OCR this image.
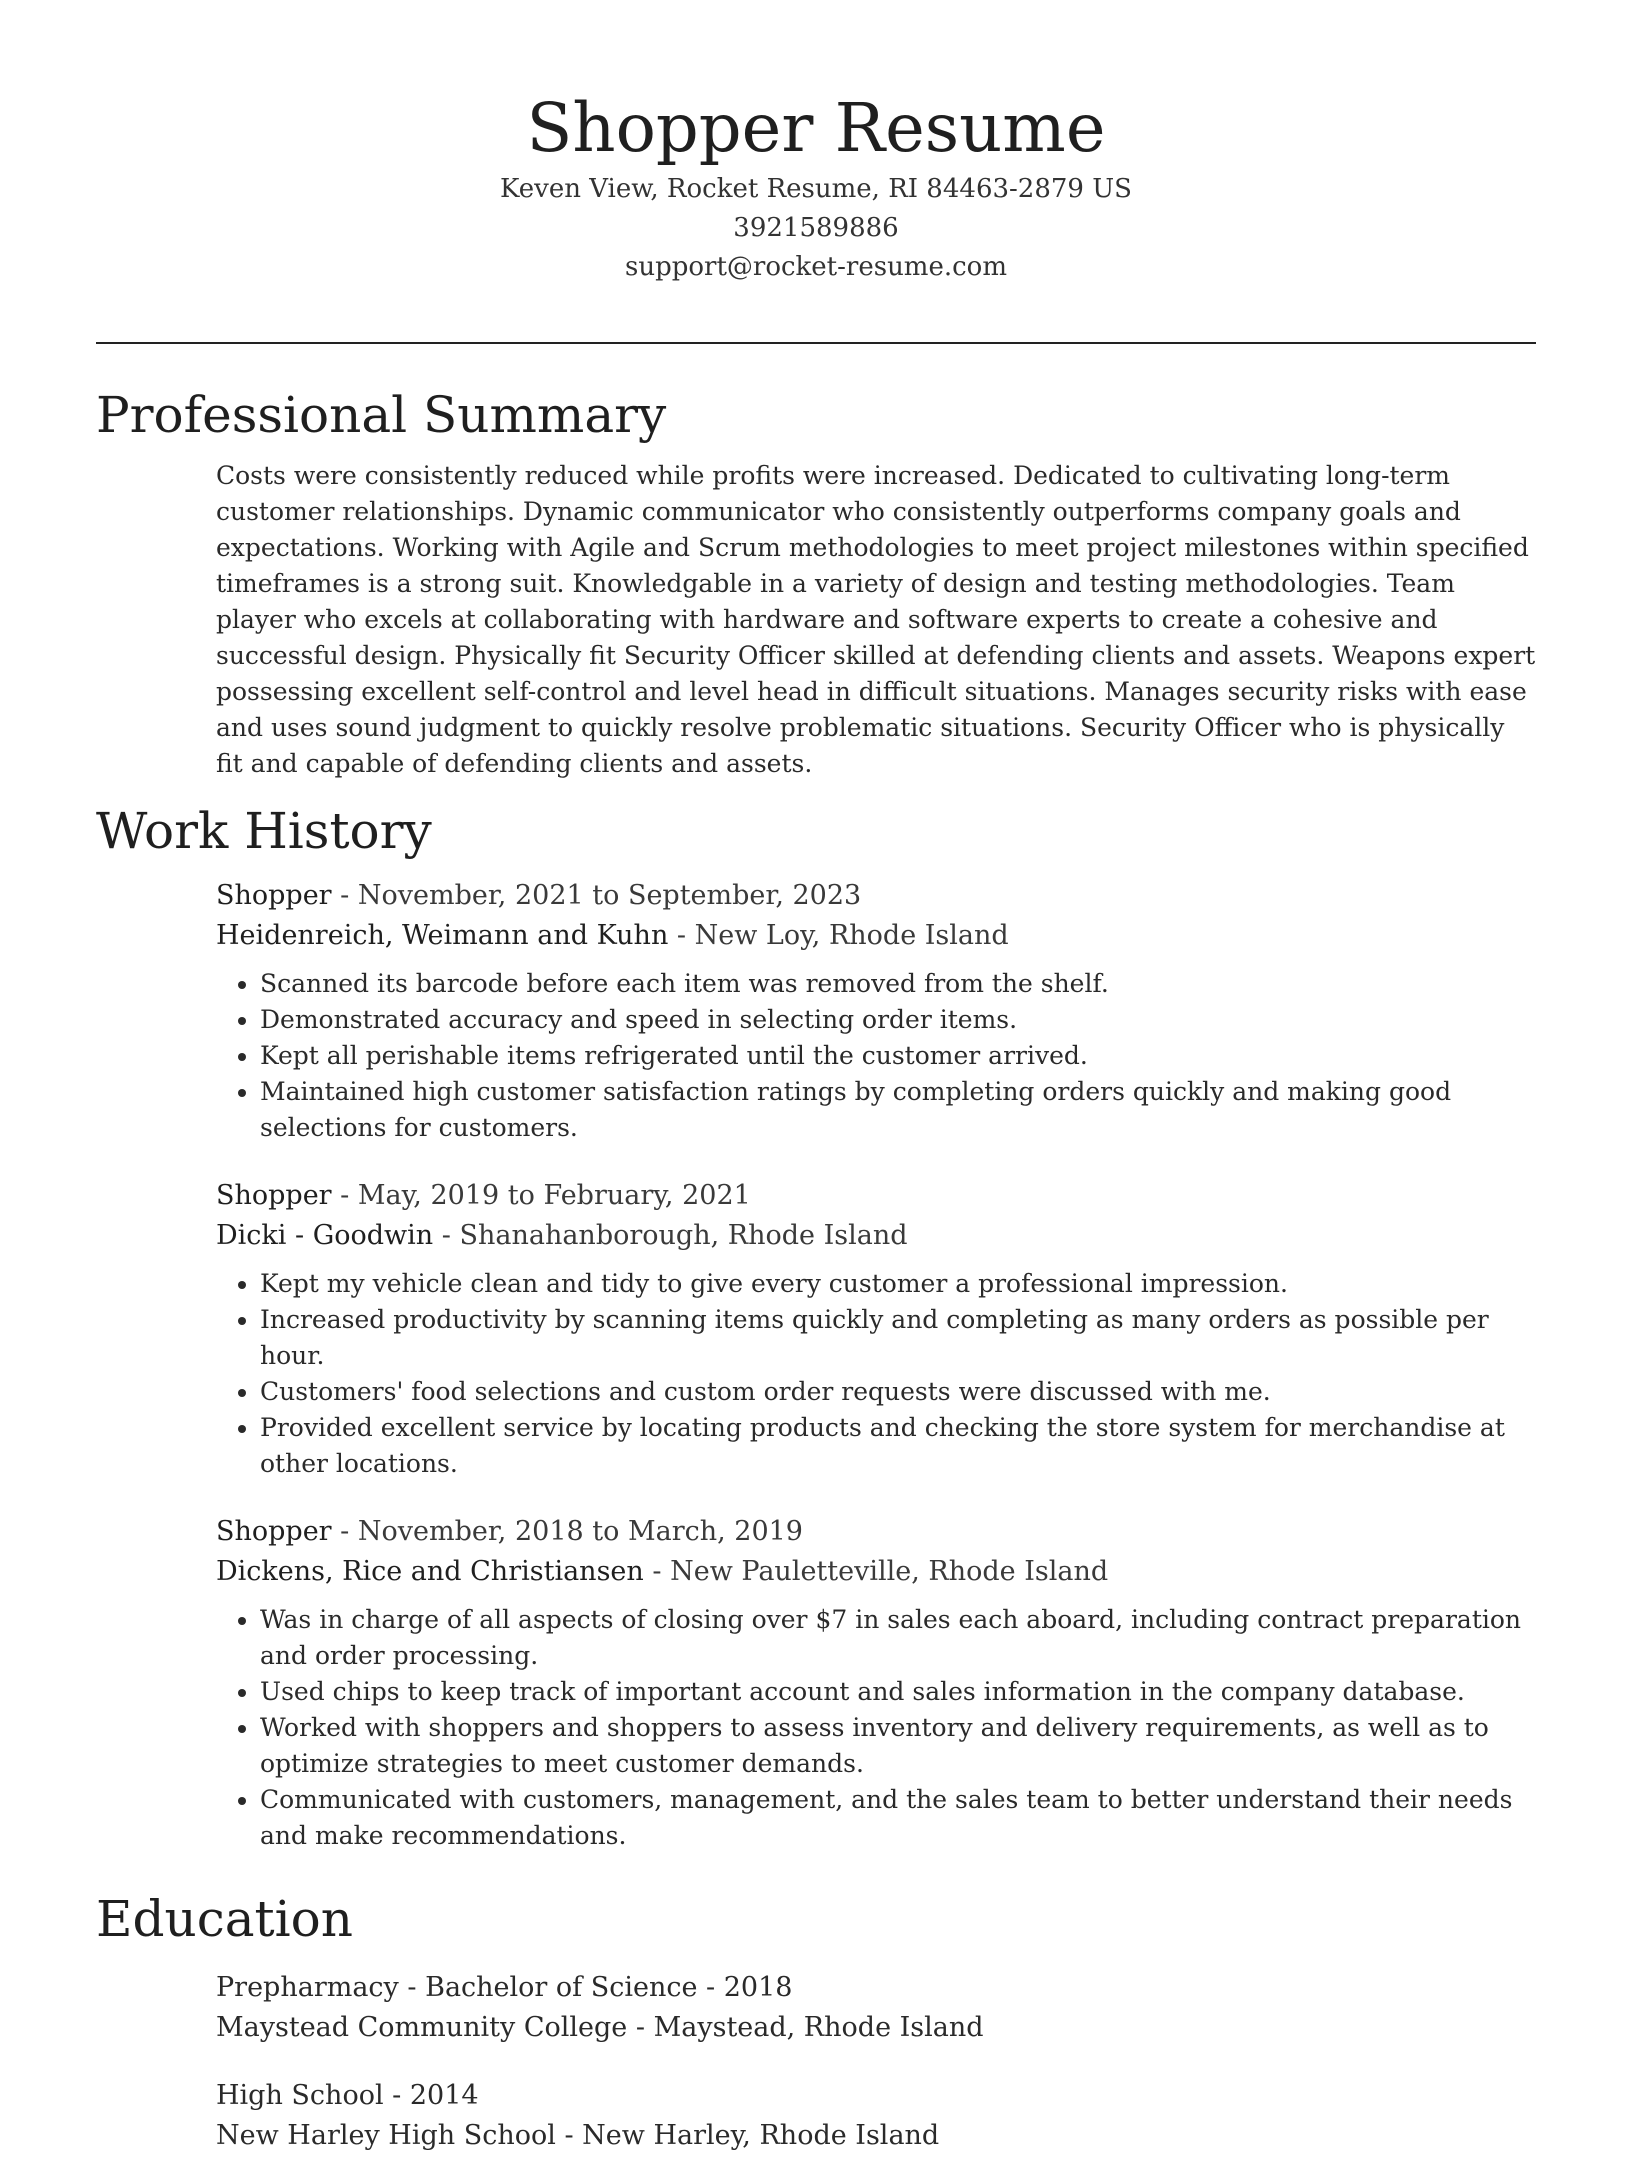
Shopper Resume
Keven View, Rocket Resume, RI 84463-2879 US
3921589886
support@rocket-resume.com
Professional Summary

Costs were consistently reduced while profits were increased. Dedicated to cultivating long-term customer relationships. Dynamic communicator who consistently outperforms company goals and expectations. Working with Agile and Scrum methodologies to meet project milestones within specified timeframes is a strong suit. Knowledgable in a variety of design and testing methodologies. Team player who excels at collaborating with hardware and software experts to create a cohesive and successful design. Physically fit Security Officer skilled at defending clients and assets. Weapons expert possessing excellent self-control and level head in difficult situations. Manages security risks with ease and uses sound judgment to quickly resolve problematic situations. Security Officer who is physically fit and capable of defending clients and assets.

Work History
Shopper - November, 2021 to September, 2023
Heidenreich, Weimann and Kuhn - New Loy, Rhode Island
• Scanned its barcode before each item was removed from the shelf.
• Demonstrated accuracy and speed in selecting order items.
• Kept all perishable items refrigerated until the customer arrived.
• Maintained high customer satisfaction ratings by completing orders quickly and making good selections for customers.
Shopper - May, 2019 to February, 2021
Dicki - Goodwin - Shanahanborough, Rhode Island
• Kept my vehicle clean and tidy to give every customer a professional impression.
• Increased productivity by scanning items quickly and completing as many orders as possible per hour.
• Customers' food selections and custom order requests were discussed with me.
• Provided excellent service by locating products and checking the store system for merchandise at other locations.
Shopper - November, 2018 to March, 2019
Dickens, Rice and Christiansen - New Pauletteville, Rhode Island
• Was in charge of all aspects of closing over $7 in sales each aboard, including contract preparation and order processing.
• Used chips to keep track of important account and sales information in the company database.
• Worked with shoppers and shoppers to assess inventory and delivery requirements, as well as to optimize strategies to meet customer demands.
• Communicated with customers, management, and the sales team to better understand their needs and make recommendations.
Education
Prepharmacy - Bachelor of Science - 2018
Maystead Community College - Maystead, Rhode Island
High School - 2014
New Harley High School - New Harley, Rhode Island
